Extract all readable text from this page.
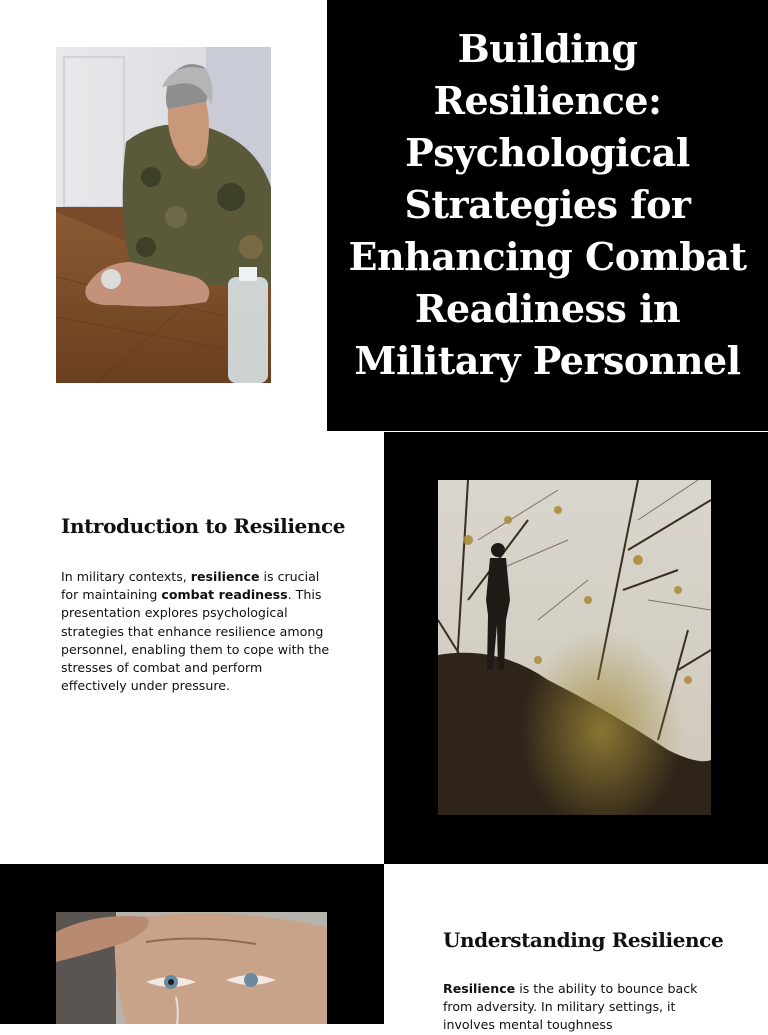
Building Resilience: Psychological Strategies for Enhancing Combat Readiness in Military Personnel
Introduction to Resilience

In military contexts, resilience is crucial for maintaining combat readiness. This presentation explores psychological strategies that enhance resilience among personnel, enabling them to cope with the stresses of combat and perform effectively under pressure.

Understanding Resilience

Resilience is the ability to bounce back from adversity. In military settings, it involves mental toughness
